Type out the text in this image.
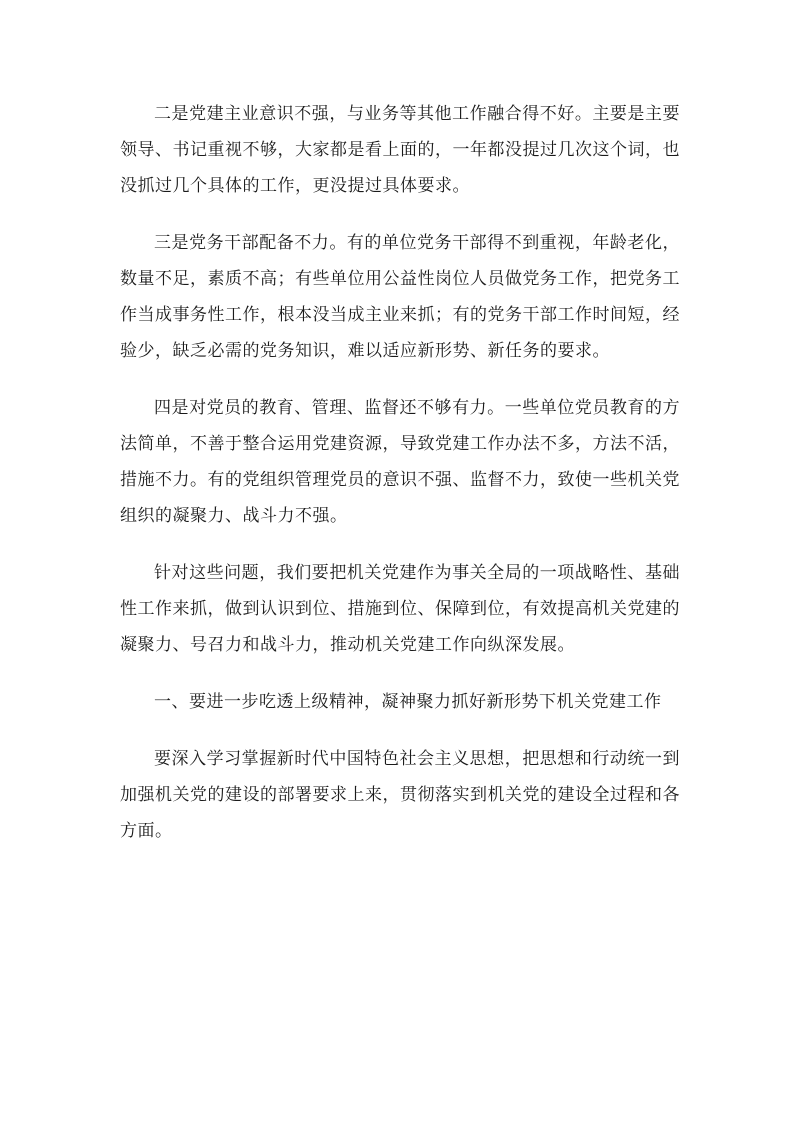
二是党建主业意识不强，与业务等其他工作融合得不好。主要是主要领导、书记重视不够，大家都是看上面的，一年都没提过几次这个词，也没抓过几个具体的工作，更没提过具体要求。

三是党务干部配备不力。有的单位党务干部得不到重视，年龄老化，数量不足，素质不高；有些单位用公益性岗位人员做党务工作，把党务工作当成事务性工作，根本没当成主业来抓；有的党务干部工作时间短，经验少，缺乏必需的党务知识，难以适应新形势、新任务的要求。

四是对党员的教育、管理、监督还不够有力。一些单位党员教育的方法简单，不善于整合运用党建资源，导致党建工作办法不多，方法不活，措施不力。有的党组织管理党员的意识不强、监督不力，致使一些机关党组织的凝聚力、战斗力不强。

针对这些问题，我们要把机关党建作为事关全局的一项战略性、基础性工作来抓，做到认识到位、措施到位、保障到位，有效提高机关党建的凝聚力、号召力和战斗力，推动机关党建工作向纵深发展。

一、要进一步吃透上级精神，凝神聚力抓好新形势下机关党建工作

要深入学习掌握新时代中国特色社会主义思想，把思想和行动统一到加强机关党的建设的部署要求上来，贯彻落实到机关党的建设全过程和各方面。
